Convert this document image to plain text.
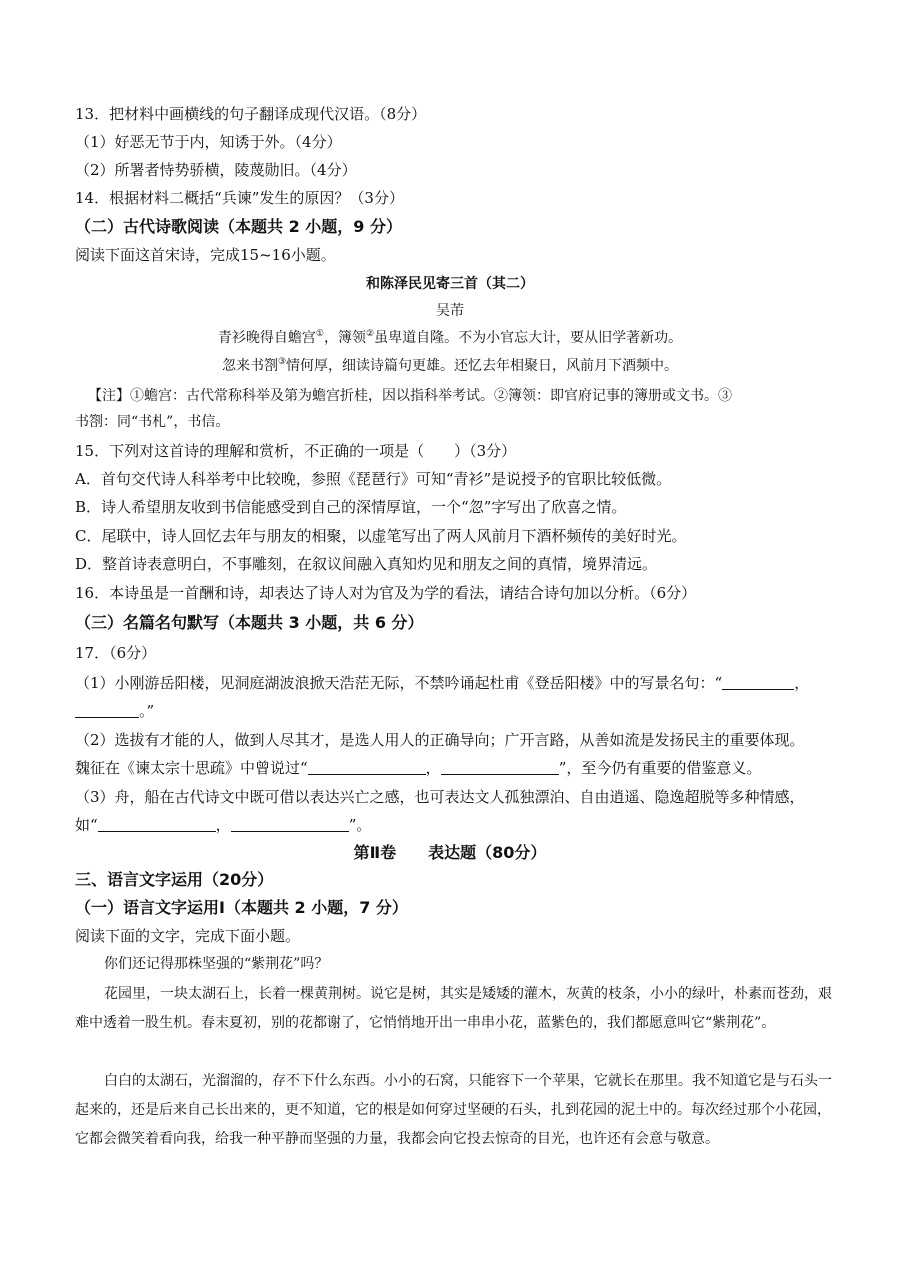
13．把材料中画横线的句子翻译成现代汉语。（8分）
（1）好恶无节于内，知诱于外。（4分）
（2）所署者恃势骄横，陵蔑勋旧。（4分）
14．根据材料二概括“兵谏”发生的原因？（3分）
（二）古代诗歌阅读（本题共 2 小题，9 分）
阅读下面这首宋诗，完成15~16小题。
和陈泽民见寄三首（其二）
吴芾
青衫晚得自蟾宫①，簿领②虽卑道自隆。不为小官忘大计，要从旧学著新功。
忽来书劄③情何厚，细读诗篇句更雄。还忆去年相聚日，风前月下酒频中。
【注】①蟾宫：古代常称科举及第为蟾宫折桂，因以指科举考试。②簿领：即官府记事的簿册或文书。③
书劄：同“书札”，书信。
15．下列对这首诗的理解和赏析，不正确的一项是（　　）（3分）
A．首句交代诗人科举考中比较晚，参照《琵琶行》可知“青衫”是说授予的官职比较低微。
B．诗人希望朋友收到书信能感受到自己的深情厚谊，一个“忽”字写出了欣喜之情。
C．尾联中，诗人回忆去年与朋友的相聚，以虚笔写出了两人风前月下酒杯频传的美好时光。
D．整首诗表意明白，不事雕刻，在叙议间融入真知灼见和朋友之间的真情，境界清远。
16．本诗虽是一首酬和诗，却表达了诗人对为官及为学的看法，请结合诗句加以分析。（6分）
（三）名篇名句默写（本题共 3 小题，共 6 分）
17．（6分）
（1）小刚游岳阳楼，见洞庭湖波浪掀天浩茫无际，不禁吟诵起杜甫《登岳阳楼》中的写景名句：“	，
。”
（2）选拔有才能的人，做到人尽其才，是选人用人的正确导向；广开言路，从善如流是发扬民主的重要体现。
魏征在《谏太宗十思疏》中曾说过“	，	”，至今仍有重要的借鉴意义。
（3）舟，船在古代诗文中既可借以表达兴亡之感，也可表达文人孤独漂泊、自由逍遥、隐逸超脱等多种情感，
如“	，	”。
第Ⅱ卷　　表达题（80分）
三、语言文字运用（20分）
（一）语言文字运用Ⅰ（本题共 2 小题，7 分）
阅读下面的文字，完成下面小题。
你们还记得那株坚强的“紫荆花”吗？
花园里，一块太湖石上，长着一棵黄荆树。说它是树，其实是矮矮的灌木，灰黄的枝条，小小的绿叶，朴素而苍劲，艰难中透着一股生机。春末夏初，别的花都谢了，它悄悄地开出一串串小花，蓝紫色的，我们都愿意叫它“紫荆花”。
白白的太湖石，光溜溜的，存不下什么东西。小小的石窝，只能容下一个苹果，它就长在那里。我不知道它是与石头一起来的，还是后来自己长出来的，更不知道，它的根是如何穿过坚硬的石头，扎到花园的泥土中的。每次经过那个小花园，它都会微笑着看向我，给我一种平静而坚强的力量，我都会向它投去惊奇的目光，也许还有会意与敬意。
